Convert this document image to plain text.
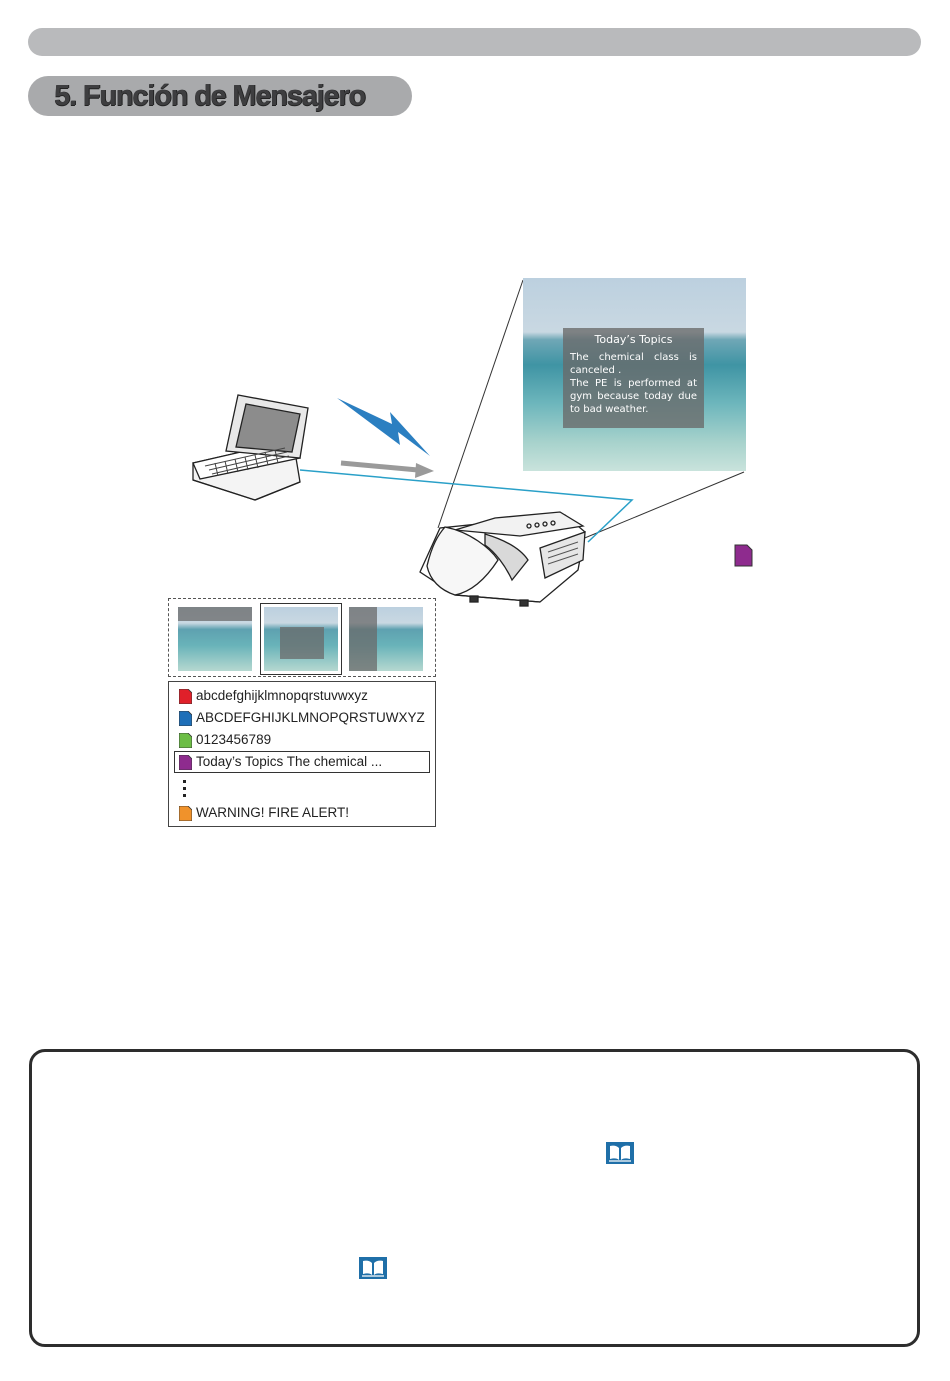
5. Función de Mensajero
Today’s Topics
The chemical class is canceled .
The PE is performed at gym because today due to bad weather.
abcdefghijklmnopqrstuvwxyz
ABCDEFGHIJKLMNOPQRSTUWXYZ
0123456789
Today’s Topics The chemical ...
WARNING! FIRE ALERT!
